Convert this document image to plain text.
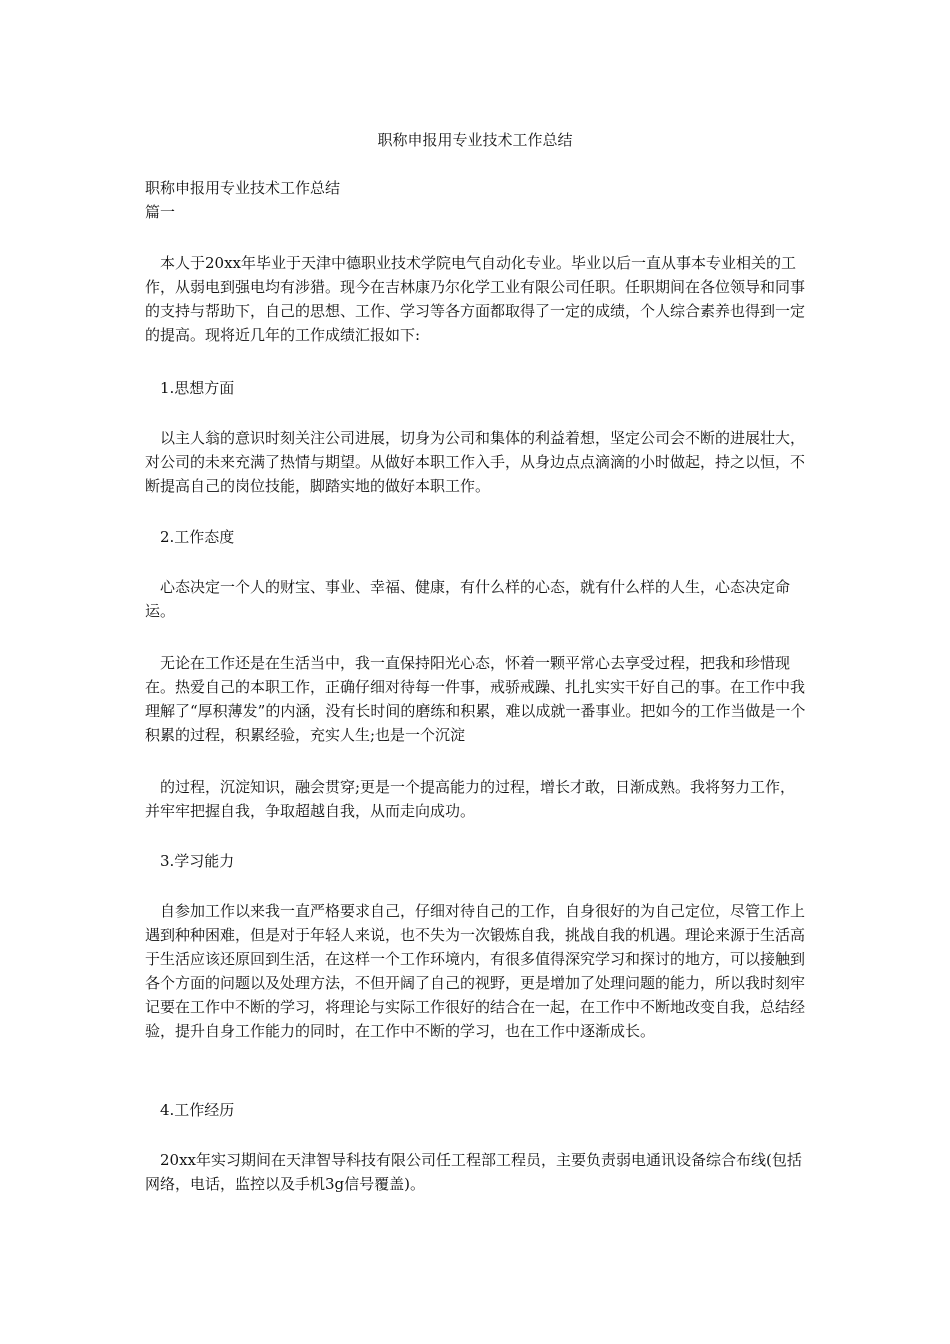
职称申报用专业技术工作总结

职称申报用专业技术工作总结

篇一

本人于20xx年毕业于天津中德职业技术学院电气自动化专业。毕业以后一直从事本专业相关的工作，从弱电到强电均有涉猎。现今在吉林康乃尔化学工业有限公司任职。任职期间在各位领导和同事的支持与帮助下，自己的思想、工作、学习等各方面都取得了一定的成绩，个人综合素养也得到一定的提高。现将近几年的工作成绩汇报如下:

1.思想方面

以主人翁的意识时刻关注公司进展，切身为公司和集体的利益着想，坚定公司会不断的进展壮大，对公司的未来充满了热情与期望。从做好本职工作入手，从身边点点滴滴的小时做起，持之以恒，不断提高自己的岗位技能，脚踏实地的做好本职工作。

2.工作态度

心态决定一个人的财宝、事业、幸福、健康，有什么样的心态，就有什么样的人生，心态决定命运。

无论在工作还是在生活当中，我一直保持阳光心态，怀着一颗平常心去享受过程，把我和珍惜现在。热爱自己的本职工作，正确仔细对待每一件事，戒骄戒躁、扎扎实实干好自己的事。在工作中我理解了“厚积薄发”的内涵，没有长时间的磨练和积累，难以成就一番事业。把如今的工作当做是一个积累的过程，积累经验，充实人生;也是一个沉淀

的过程，沉淀知识，融会贯穿;更是一个提高能力的过程，增长才敢，日渐成熟。我将努力工作，并牢牢把握自我，争取超越自我，从而走向成功。

3.学习能力

自参加工作以来我一直严格要求自己，仔细对待自己的工作，自身很好的为自己定位，尽管工作上遇到种种困难，但是对于年轻人来说，也不失为一次锻炼自我，挑战自我的机遇。理论来源于生活高于生活应该还原回到生活，在这样一个工作环境内，有很多值得深究学习和探讨的地方，可以接触到各个方面的问题以及处理方法，不但开阔了自己的视野，更是增加了处理问题的能力，所以我时刻牢记要在工作中不断的学习，将理论与实际工作很好的结合在一起，在工作中不断地改变自我，总结经验，提升自身工作能力的同时，在工作中不断的学习，也在工作中逐渐成长。

4.工作经历

20xx年实习期间在天津智导科技有限公司任工程部工程员，主要负责弱电通讯设备综合布线(包括网络，电话，监控以及手机3g信号覆盖)。
